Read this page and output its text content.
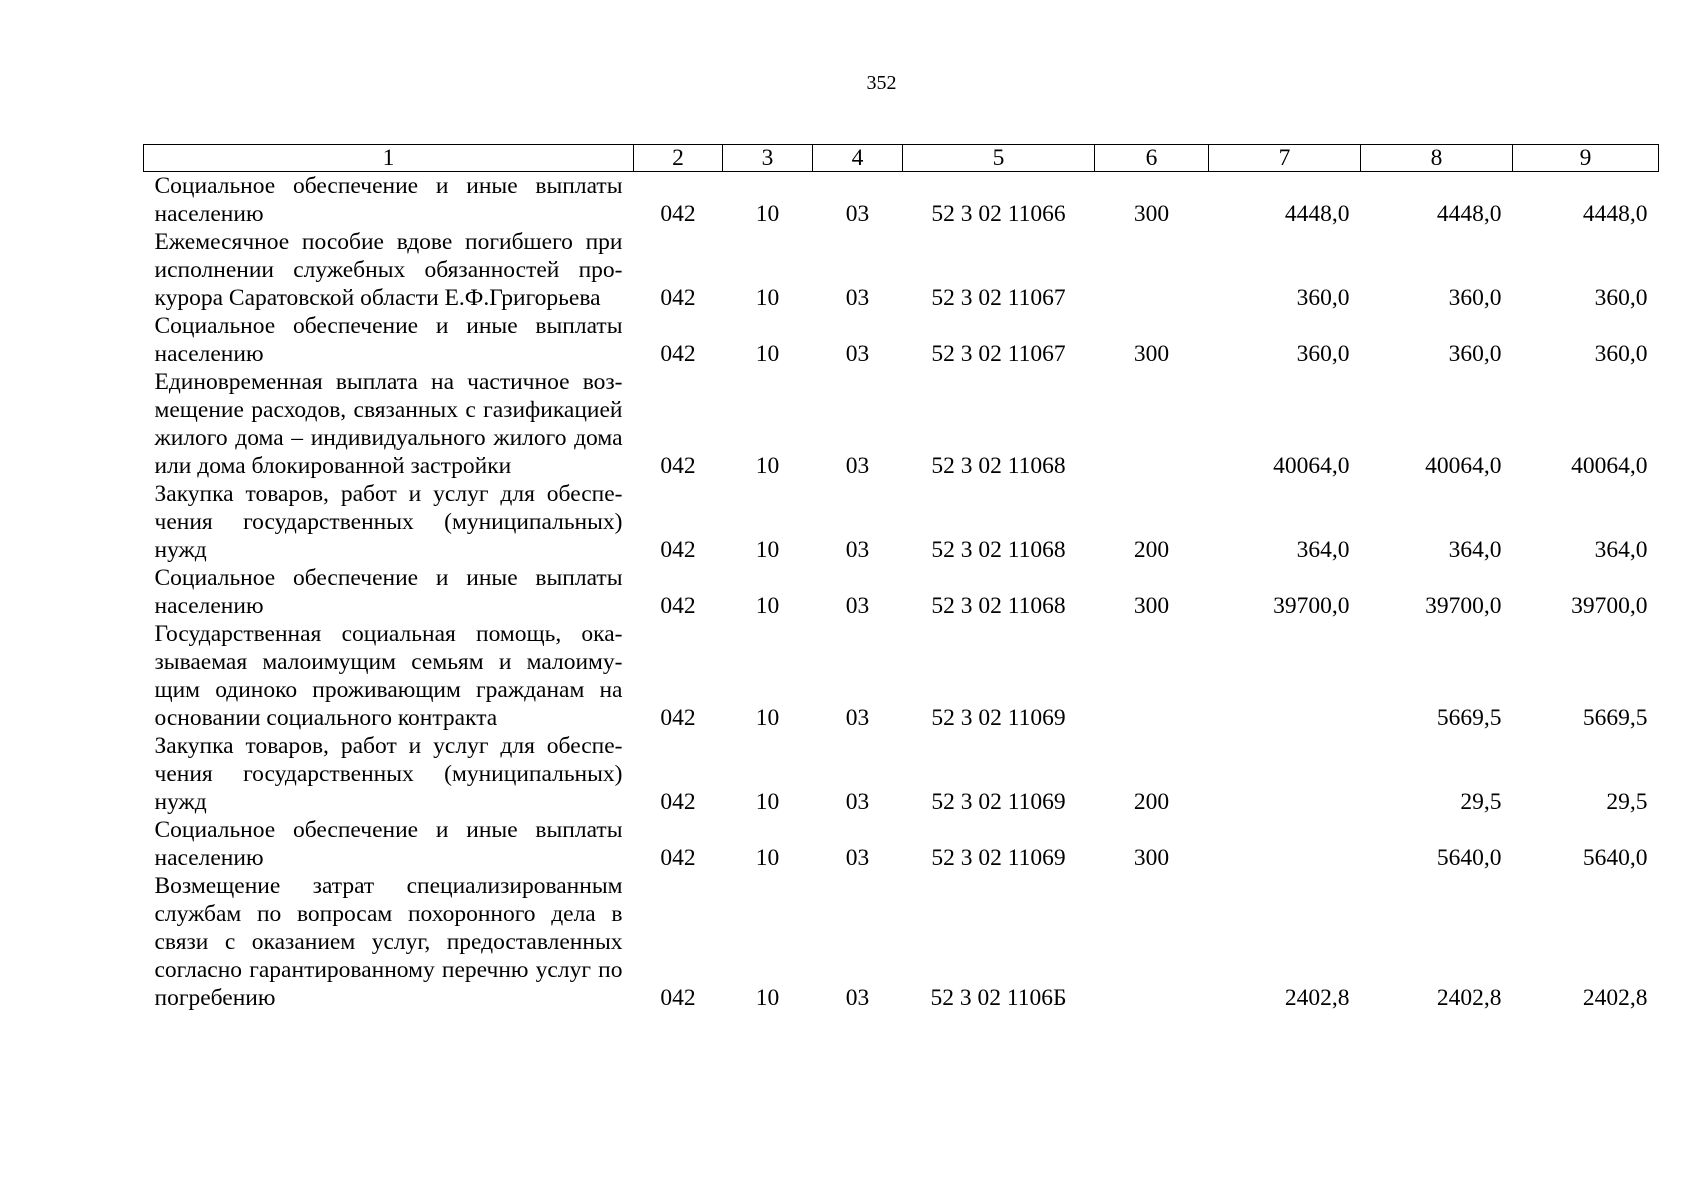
352
1	2	3	4	5	6	7	8	9
Социальное обеспечение и иные выплаты населению	042	10	03	52 3 02 11066	300	4448,0	4448,0	4448,0
Ежемесячное пособие вдове погибшего при исполнении служебных обязанностей прокурора Саратовской области Е.Ф.Григорьева	042	10	03	52 3 02 11067		360,0	360,0	360,0
Социальное обеспечение и иные выплаты населению	042	10	03	52 3 02 11067	300	360,0	360,0	360,0
Единовременная выплата на частичное возмещение расходов, связанных с газификацией жилого дома – индивидуального жилого дома или дома блокированной застройки	042	10	03	52 3 02 11068		40064,0	40064,0	40064,0
Закупка товаров, работ и услуг для обеспечения государственных (муниципальных) нужд	042	10	03	52 3 02 11068	200	364,0	364,0	364,0
Социальное обеспечение и иные выплаты населению	042	10	03	52 3 02 11068	300	39700,0	39700,0	39700,0
Государственная социальная помощь, оказываемая малоимущим семьям и малоимущим одиноко проживающим гражданам на основании социального контракта	042	10	03	52 3 02 11069			5669,5	5669,5
Закупка товаров, работ и услуг для обеспечения государственных (муниципальных) нужд	042	10	03	52 3 02 11069	200		29,5	29,5
Социальное обеспечение и иные выплаты населению	042	10	03	52 3 02 11069	300		5640,0	5640,0
Возмещение затрат специализированным службам по вопросам похоронного дела в связи с оказанием услуг, предоставленных согласно гарантированному перечню услуг по погребению	042	10	03	52 3 02 1106Б		2402,8	2402,8	2402,8
